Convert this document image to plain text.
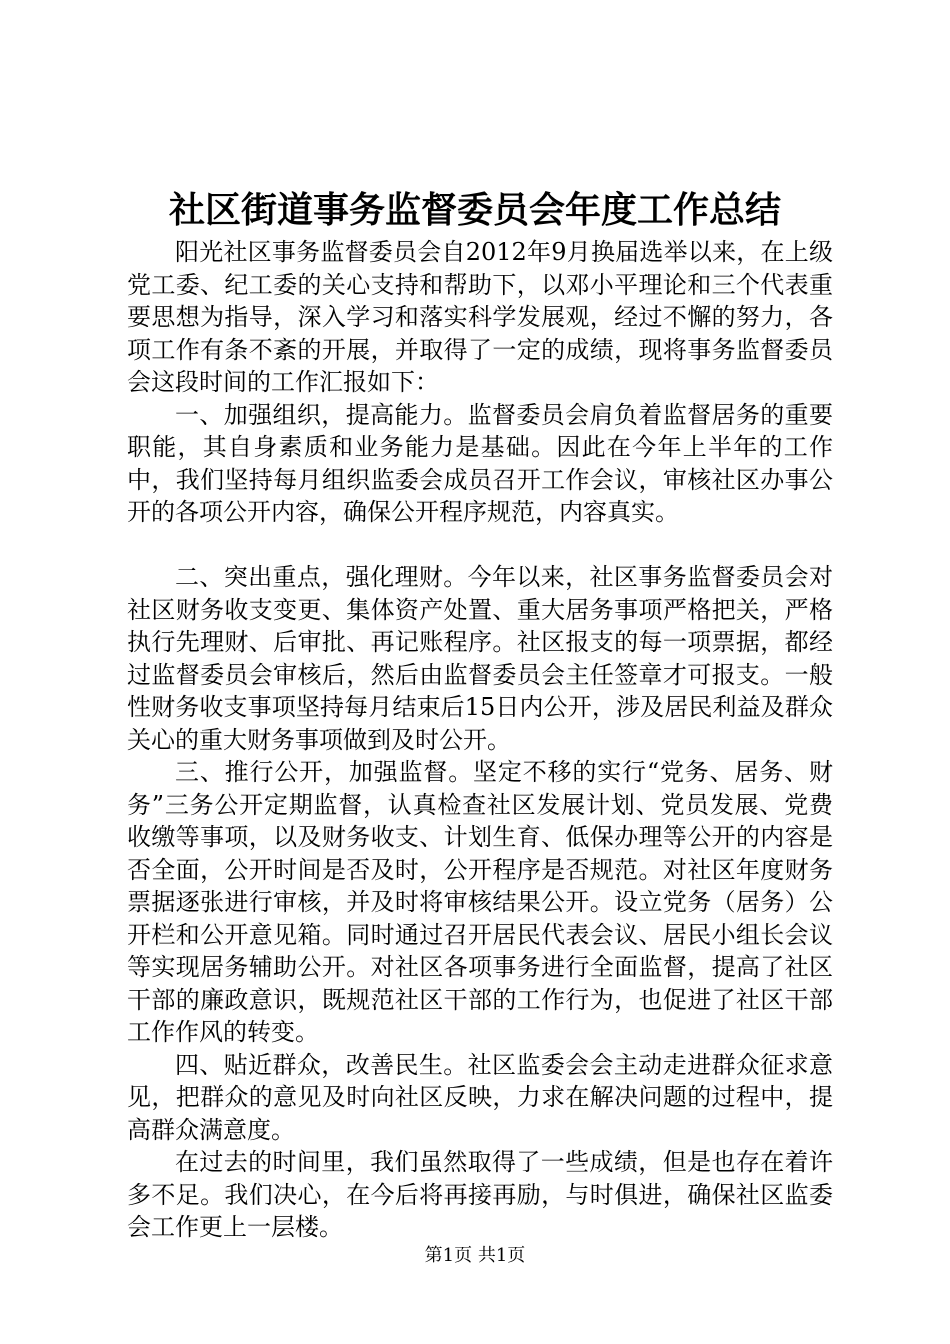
社区街道事务监督委员会年度工作总结

阳光社区事务监督委员会自2012年9月换届选举以来，在上级党工委、纪工委的关心支持和帮助下，以邓小平理论和三个代表重要思想为指导，深入学习和落实科学发展观，经过不懈的努力，各项工作有条不紊的开展，并取得了一定的成绩，现将事务监督委员会这段时间的工作汇报如下：

一、加强组织，提高能力。监督委员会肩负着监督居务的重要职能，其自身素质和业务能力是基础。因此在今年上半年的工作中，我们坚持每月组织监委会成员召开工作会议，审核社区办事公开的各项公开内容，确保公开程序规范，内容真实。

二、突出重点，强化理财。今年以来，社区事务监督委员会对社区财务收支变更、集体资产处置、重大居务事项严格把关，严格执行先理财、后审批、再记账程序。社区报支的每一项票据，都经过监督委员会审核后，然后由监督委员会主任签章才可报支。一般性财务收支事项坚持每月结束后15日内公开，涉及居民利益及群众关心的重大财务事项做到及时公开。

三、推行公开，加强监督。坚定不移的实行“党务、居务、财务”三务公开定期监督，认真检查社区发展计划、党员发展、党费收缴等事项，以及财务收支、计划生育、低保办理等公开的内容是否全面，公开时间是否及时，公开程序是否规范。对社区年度财务票据逐张进行审核，并及时将审核结果公开。设立党务（居务）公开栏和公开意见箱。同时通过召开居民代表会议、居民小组长会议等实现居务辅助公开。对社区各项事务进行全面监督，提高了社区干部的廉政意识，既规范社区干部的工作行为，也促进了社区干部工作作风的转变。

四、贴近群众，改善民生。社区监委会会主动走进群众征求意见，把群众的意见及时向社区反映，力求在解决问题的过程中，提高群众满意度。

在过去的时间里，我们虽然取得了一些成绩，但是也存在着许多不足。我们决心，在今后将再接再励，与时俱进，确保社区监委会工作更上一层楼。

第1页 共1页
